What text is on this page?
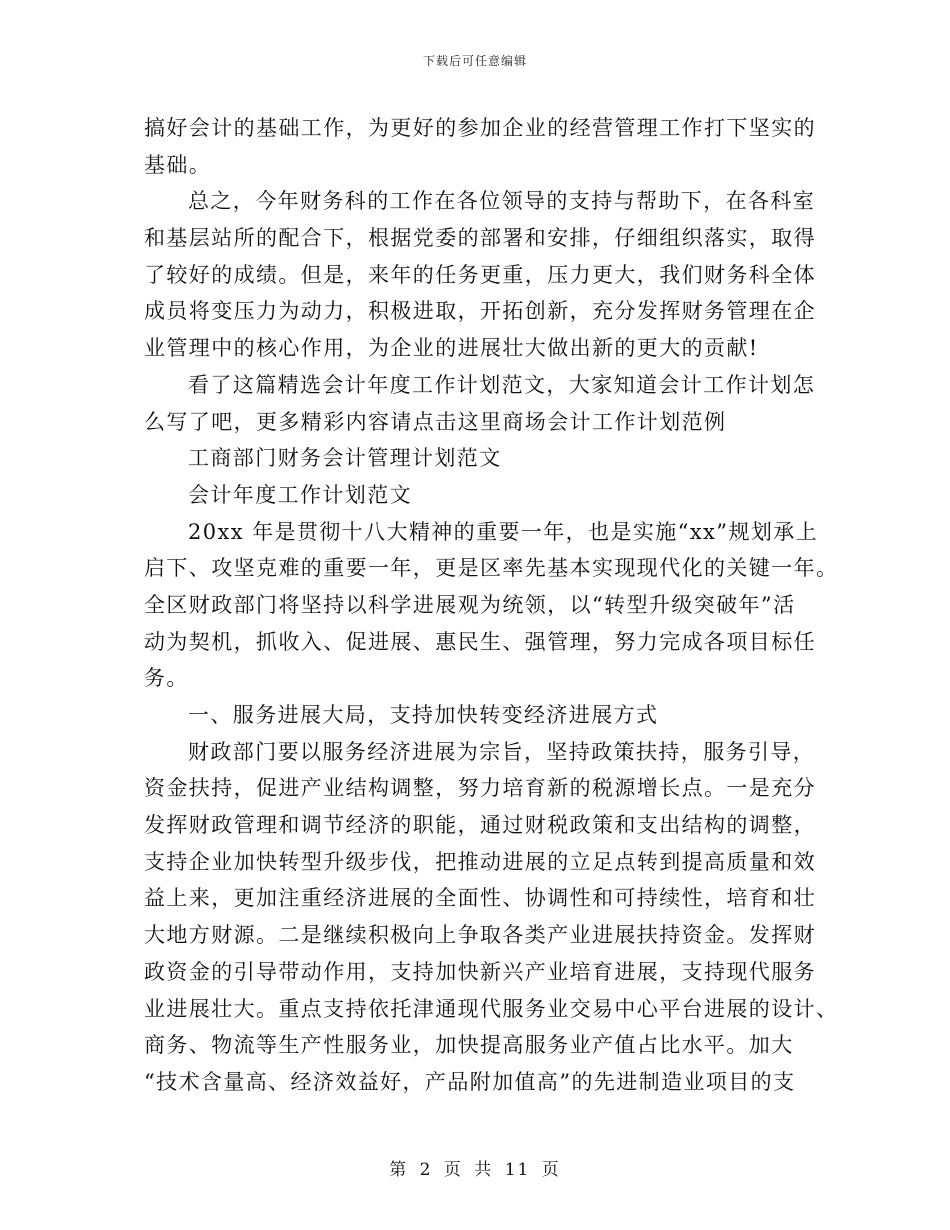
下载后可任意编辑
搞好会计的基础工作，为更好的参加企业的经营管理工作打下坚实的
基础。
总之，今年财务科的工作在各位领导的支持与帮助下，在各科室
和基层站所的配合下，根据党委的部署和安排，仔细组织落实，取得
了较好的成绩。但是，来年的任务更重，压力更大，我们财务科全体
成员将变压力为动力，积极进取，开拓创新，充分发挥财务管理在企
业管理中的核心作用，为企业的进展壮大做出新的更大的贡献!
看了这篇精选会计年度工作计划范文，大家知道会计工作计划怎
么写了吧，更多精彩内容请点击这里商场会计工作计划范例
工商部门财务会计管理计划范文
会计年度工作计划范文
20xx 年是贯彻十八大精神的重要一年，也是实施“xx”规划承上
启下、攻坚克难的重要一年，更是区率先基本实现现代化的关键一年。
全区财政部门将坚持以科学进展观为统领，以“转型升级突破年”活
动为契机，抓收入、促进展、惠民生、强管理，努力完成各项目标任
务。
一、服务进展大局，支持加快转变经济进展方式
财政部门要以服务经济进展为宗旨，坚持政策扶持，服务引导，
资金扶持，促进产业结构调整，努力培育新的税源增长点。一是充分
发挥财政管理和调节经济的职能，通过财税政策和支出结构的调整，
支持企业加快转型升级步伐，把推动进展的立足点转到提高质量和效
益上来，更加注重经济进展的全面性、协调性和可持续性，培育和壮
大地方财源。二是继续积极向上争取各类产业进展扶持资金。发挥财
政资金的引导带动作用，支持加快新兴产业培育进展，支持现代服务
业进展壮大。重点支持依托津通现代服务业交易中心平台进展的设计、
商务、物流等生产性服务业，加快提高服务业产值占比水平。加大
“技术含量高、经济效益好，产品附加值高”的先进制造业项目的支
第 2 页 共 11 页
